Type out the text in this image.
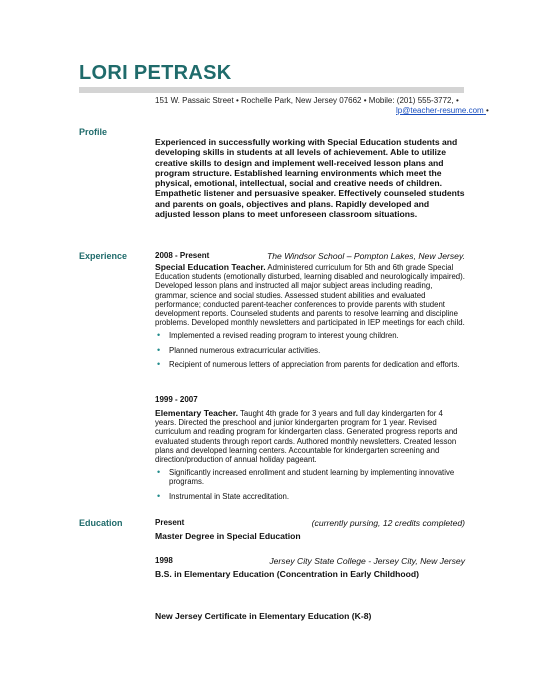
LORI PETRASK
151 W. Passaic Street • Rochelle Park, New Jersey 07662 • Mobile: (201) 555-3772, •
lp@teacher-resume.com •
Profile
Experienced in successfully working with Special Education students and developing skills in students at all levels of achievement. Able to utilize creative skills to design and implement well-received lesson plans and program structure. Established learning environments which meet the physical, emotional, intellectual, social and creative needs of children. Empathetic listener and persuasive speaker. Effectively counseled students and parents on goals, objectives and plans. Rapidly developed and adjusted lesson plans to meet unforeseen classroom situations.
Experience	2008 - Present	The Windsor School – Pompton Lakes, New Jersey.
Special Education Teacher. Administered curriculum for 5th and 6th grade Special Education students (emotionally disturbed, learning disabled and neurologically impaired). Developed lesson plans and instructed all major subject areas including reading, grammar, science and social studies. Assessed student abilities and evaluated performance; conducted parent-teacher conferences to provide parents with student development reports. Counseled students and parents to resolve learning and discipline problems. Developed monthly newsletters and participated in IEP meetings for each child.
• Implemented a revised reading program to interest young children.
• Planned numerous extracurricular activities.
• Recipient of numerous letters of appreciation from parents for dedication and efforts.
1999 - 2007
Elementary Teacher. Taught 4th grade for 3 years and full day kindergarten for 4 years. Directed the preschool and junior kindergarten program for 1 year. Revised curriculum and reading program for kindergarten class. Generated progress reports and evaluated students through report cards. Authored monthly newsletters. Created lesson plans and developed learning centers. Accountable for kindergarten screening and direction/production of annual holiday pageant.
• Significantly increased enrollment and student learning by implementing innovative programs.
• Instrumental in State accreditation.
Education	Present	(currently pursing, 12 credits completed)
Master Degree in Special Education
1998	Jersey City State College - Jersey City, New Jersey
B.S. in Elementary Education (Concentration in Early Childhood)
New Jersey Certificate in Elementary Education (K-8)
